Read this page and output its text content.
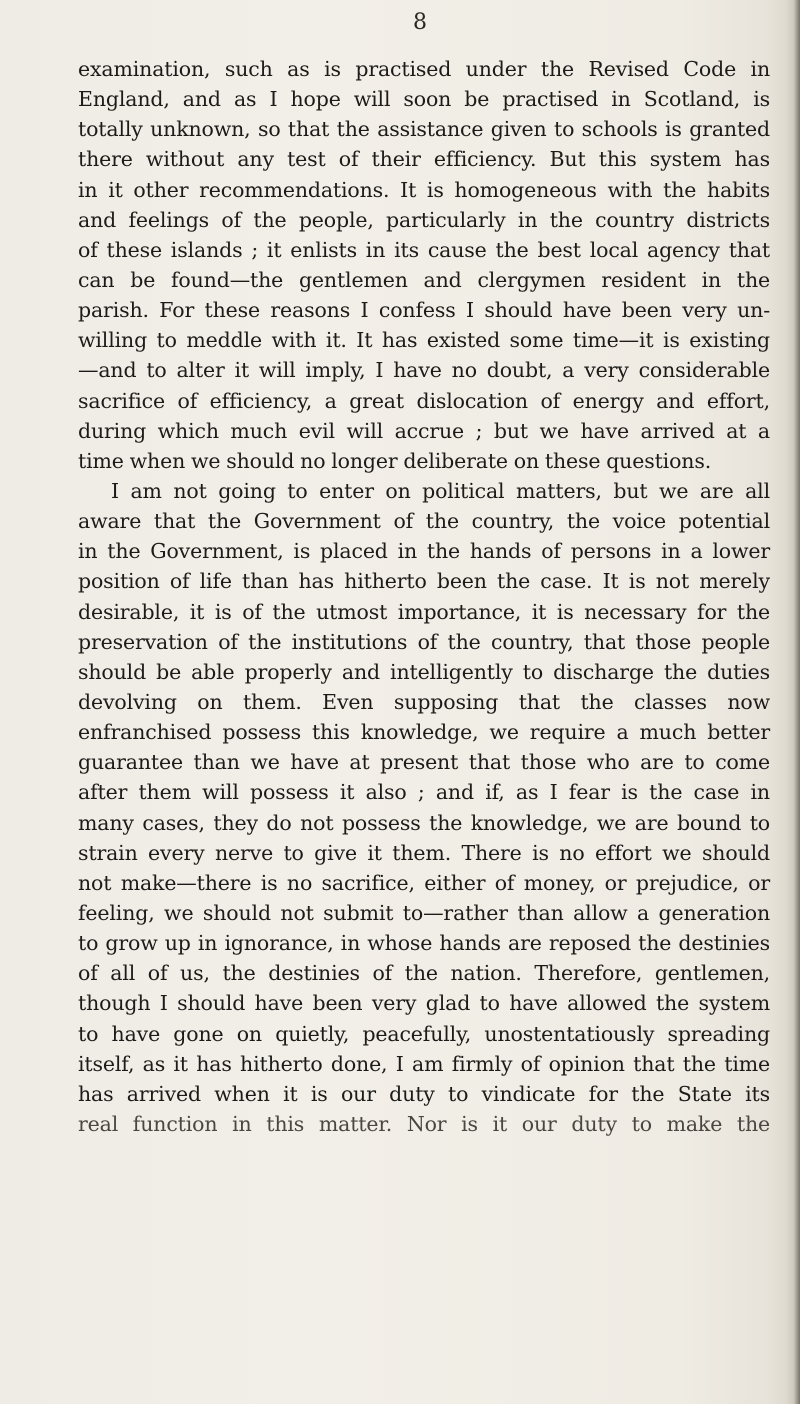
8
examination, such as is practised under the Revised Code in
England, and as I hope will soon be practised in Scotland, is
totally unknown, so that the assistance given to schools is granted
there without any test of their efficiency. But this system has
in it other recommendations. It is homogeneous with the habits
and feelings of the people, particularly in the country districts
of these islands ; it enlists in its cause the best local agency that
can be found—the gentlemen and clergymen resident in the
parish. For these reasons I confess I should have been very un-
willing to meddle with it. It has existed some time—it is existing
—and to alter it will imply, I have no doubt, a very considerable
sacrifice of efficiency, a great dislocation of energy and effort,
during which much evil will accrue ; but we have arrived at a
time when we should no longer deliberate on these questions.
I am not going to enter on political matters, but we are all
aware that the Government of the country, the voice potential
in the Government, is placed in the hands of persons in a lower
position of life than has hitherto been the case. It is not merely
desirable, it is of the utmost importance, it is necessary for the
preservation of the institutions of the country, that those people
should be able properly and intelligently to discharge the duties
devolving on them. Even supposing that the classes now
enfranchised possess this knowledge, we require a much better
guarantee than we have at present that those who are to come
after them will possess it also ; and if, as I fear is the case in
many cases, they do not possess the knowledge, we are bound to
strain every nerve to give it them. There is no effort we should
not make—there is no sacrifice, either of money, or prejudice, or
feeling, we should not submit to—rather than allow a generation
to grow up in ignorance, in whose hands are reposed the destinies
of all of us, the destinies of the nation. Therefore, gentlemen,
though I should have been very glad to have allowed the system
to have gone on quietly, peacefully, unostentatiously spreading
itself, as it has hitherto done, I am firmly of opinion that the time
has arrived when it is our duty to vindicate for the State its
real function in this matter. Nor is it our duty to make the
